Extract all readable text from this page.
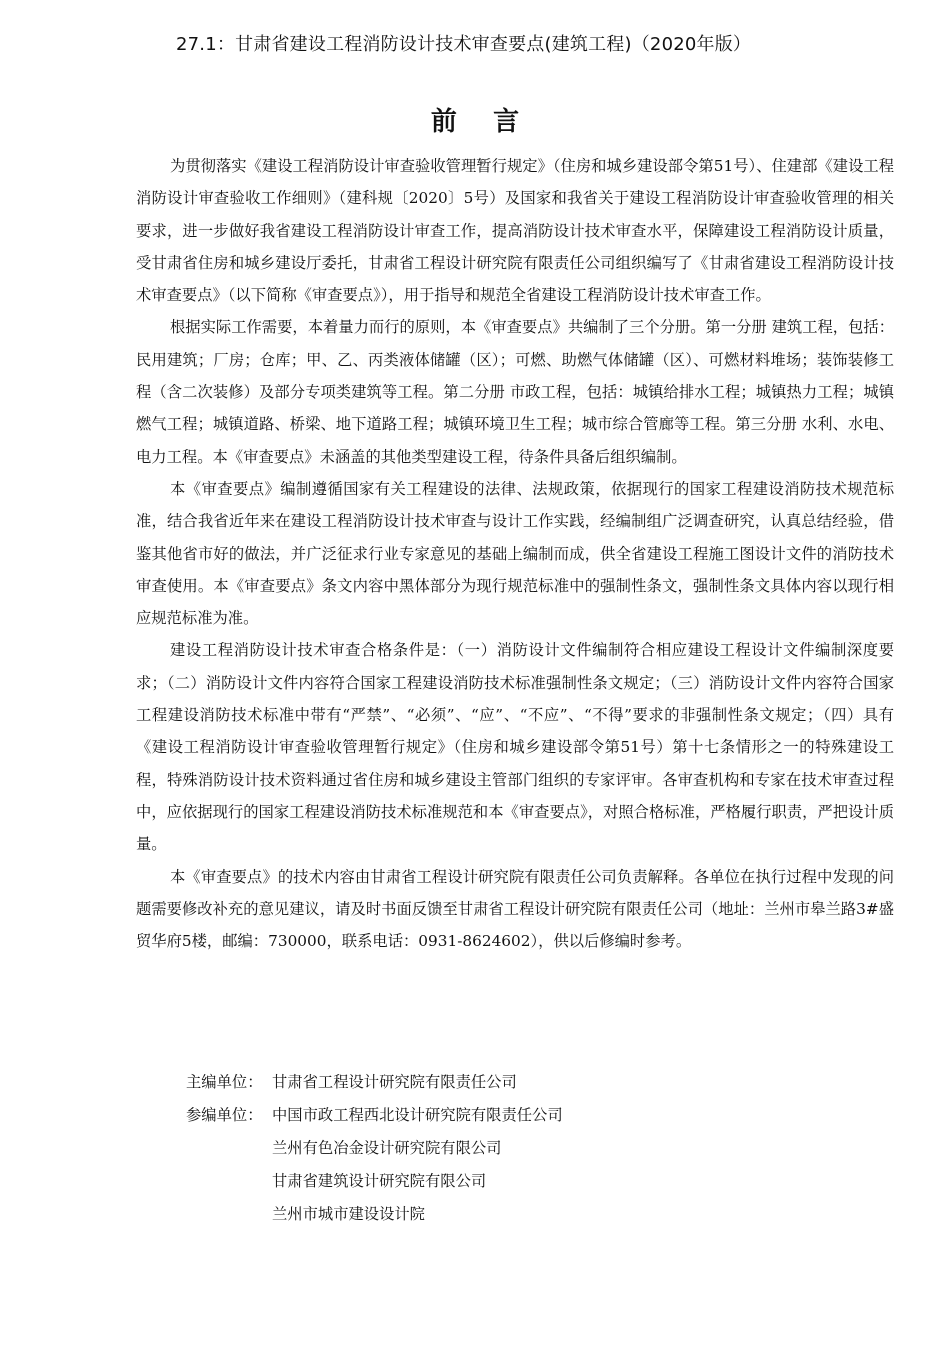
27.1：甘肃省建设工程消防设计技术审查要点(建筑工程)（2020年版）
前    言

为贯彻落实《建设工程消防设计审查验收管理暂行规定》（住房和城乡建设部令第51号）、住建部《建设工程消防设计审查验收工作细则》（建科规〔2020〕5号）及国家和我省关于建设工程消防设计审查验收管理的相关要求，进一步做好我省建设工程消防设计审查工作，提高消防设计技术审查水平，保障建设工程消防设计质量，受甘肃省住房和城乡建设厅委托，甘肃省工程设计研究院有限责任公司组织编写了《甘肃省建设工程消防设计技术审查要点》（以下简称《审查要点》），用于指导和规范全省建设工程消防设计技术审查工作。

根据实际工作需要，本着量力而行的原则，本《审查要点》共编制了三个分册。第一分册 建筑工程，包括：民用建筑；厂房；仓库；甲、乙、丙类液体储罐（区）；可燃、助燃气体储罐（区）、可燃材料堆场；装饰装修工程（含二次装修）及部分专项类建筑等工程。第二分册 市政工程，包括：城镇给排水工程；城镇热力工程；城镇燃气工程；城镇道路、桥梁、地下道路工程；城镇环境卫生工程；城市综合管廊等工程。第三分册 水利、水电、电力工程。本《审查要点》未涵盖的其他类型建设工程，待条件具备后组织编制。

本《审查要点》编制遵循国家有关工程建设的法律、法规政策，依据现行的国家工程建设消防技术规范标准，结合我省近年来在建设工程消防设计技术审查与设计工作实践，经编制组广泛调查研究，认真总结经验，借鉴其他省市好的做法，并广泛征求行业专家意见的基础上编制而成，供全省建设工程施工图设计文件的消防技术审查使用。本《审查要点》条文内容中黑体部分为现行规范标准中的强制性条文，强制性条文具体内容以现行相应规范标准为准。

建设工程消防设计技术审查合格条件是：（一）消防设计文件编制符合相应建设工程设计文件编制深度要求；（二）消防设计文件内容符合国家工程建设消防技术标准强制性条文规定；（三）消防设计文件内容符合国家工程建设消防技术标准中带有“严禁”、“必须”、“应”、“不应”、“不得”要求的非强制性条文规定；（四）具有《建设工程消防设计审查验收管理暂行规定》（住房和城乡建设部令第51号）第十七条情形之一的特殊建设工程，特殊消防设计技术资料通过省住房和城乡建设主管部门组织的专家评审。各审查机构和专家在技术审查过程中，应依据现行的国家工程建设消防技术标准规范和本《审查要点》，对照合格标准，严格履行职责，严把设计质量。

本《审查要点》的技术内容由甘肃省工程设计研究院有限责任公司负责解释。各单位在执行过程中发现的问题需要修改补充的意见建议，请及时书面反馈至甘肃省工程设计研究院有限责任公司（地址：兰州市皋兰路3#盛贸华府5楼，邮编：730000，联系电话：0931-8624602），供以后修编时参考。

主编单位： 甘肃省工程设计研究院有限责任公司
参编单位： 中国市政工程西北设计研究院有限责任公司
兰州有色冶金设计研究院有限公司
甘肃省建筑设计研究院有限公司
兰州市城市建设设计院
